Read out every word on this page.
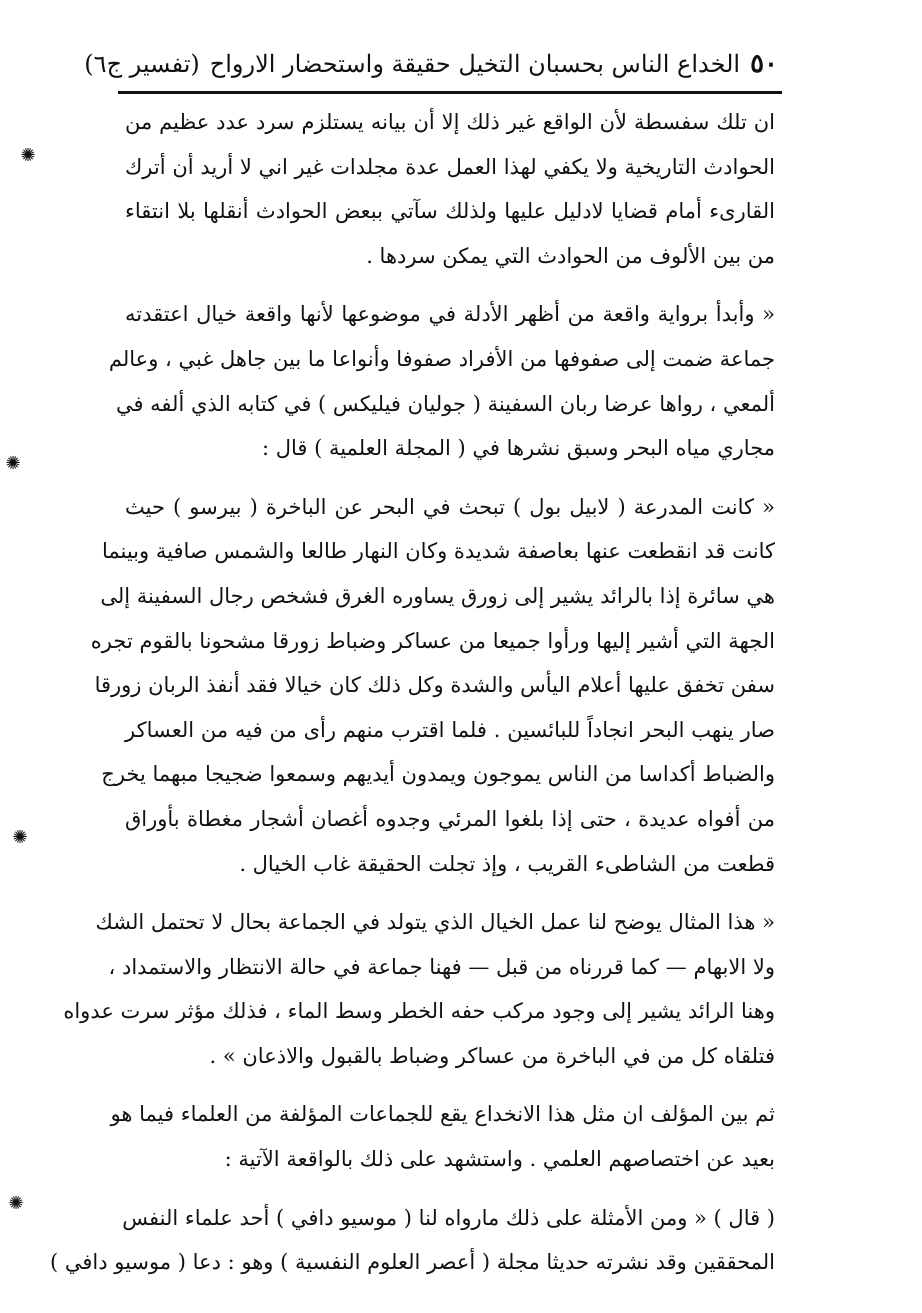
٥٠
الخداع الناس بحسبان التخيل حقيقة واستحضار الارواح
(تفسير ج٦)
ان تلك سفسطة لأن الواقع غير ذلك إلا أن بيانه يستلزم سرد عدد عظيم من
الحوادث التاريخية ولا يكفي لهذا العمل عدة مجلدات غير اني لا أريد أن أترك
القارىء أمام قضايا لادليل عليها ولذلك سآتي ببعض الحوادث أنقلها بلا انتقاء
من بين الألوف من الحوادث التي يمكن سردها .
« وأبدأ برواية واقعة من أظهر الأدلة في موضوعها لأنها واقعة خيال اعتقدته
جماعة ضمت إلى صفوفها من الأفراد صفوفا وأنواعا ما بين جاهل غبي ، وعالم
ألمعي ، رواها عرضا ربان السفينة ( جوليان فيليكس ) في كتابه الذي ألفه في
مجاري مياه البحر وسبق نشرها في ( المجلة العلمية ) قال :
« كانت المدرعة ( لابيل بول ) تبحث في البحر عن الباخرة ( بيرسو ) حيث
كانت قد انقطعت عنها بعاصفة شديدة وكان النهار طالعا والشمس صافية وبينما
هي سائرة إذا بالرائد يشير إلى زورق يساوره الغرق فشخص رجال السفينة إلى
الجهة التي أشير إليها ورأوا جميعا من عساكر وضباط زورقا مشحونا بالقوم تجره
سفن تخفق عليها أعلام اليأس والشدة وكل ذلك كان خيالا فقد أنفذ الربان زورقا
صار ينهب البحر انجاداً للبائسين . فلما اقترب منهم رأى من فيه من العساكر
والضباط أكداسا من الناس يموجون ويمدون أيديهم وسمعوا ضجيجا مبهما يخرج
من أفواه عديدة ، حتى إذا بلغوا المرئي وجدوه أغصان أشجار مغطاة بأوراق
قطعت من الشاطىء القريب ، وإذ تجلت الحقيقة غاب الخيال .
« هذا المثال يوضح لنا عمل الخيال الذي يتولد في الجماعة بحال لا تحتمل الشك
ولا الابهام — كما قررناه من قبل — فهنا جماعة في حالة الانتظار والاستمداد ،
وهنا الرائد يشير إلى وجود مركب حفه الخطر وسط الماء ، فذلك مؤثر سرت عدواه
فتلقاه كل من في الباخرة من عساكر وضباط بالقبول والاذعان » .
ثم بين المؤلف ان مثل هذا الانخداع يقع للجماعات المؤلفة من العلماء فيما هو
بعيد عن اختصاصهم العلمي . واستشهد على ذلك بالواقعة الآتية :
( قال ) « ومن الأمثلة على ذلك مارواه لنا ( موسيو دافي ) أحد علماء النفس
المحققين وقد نشرته حديثا مجلة ( أعصر العلوم النفسية ) وهو : دعا ( موسيو دافي )
✺
✺
✺
✺
